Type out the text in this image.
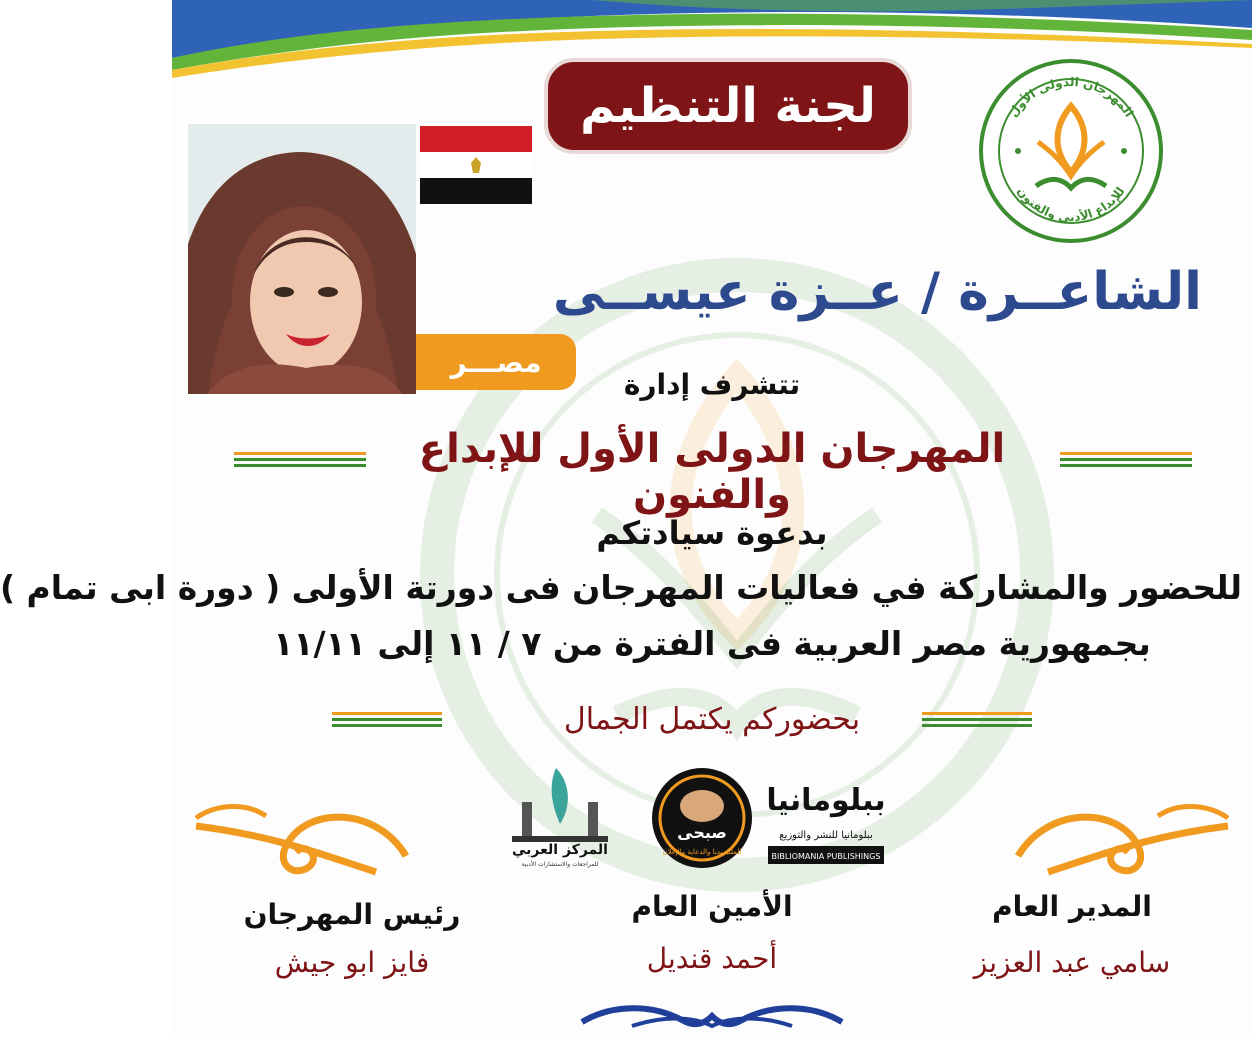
لجنة التنظيم	المهرجان الدولى الأول
للإبداع الأدبى والفنون
مصـــر
الشاعــرة / عــزة عيســى
تتشرف إدارة
المهرجان الدولى الأول للإبداع والفنون
بدعوة سيادتكم
للحضور والمشاركة في فعاليات المهرجان فى دورتة الأولى ( دورة ابى تمام )
بجمهورية مصر العربية فى الفترة من ٧ / ١١ إلى ١١/١١
بحضوركم يكتمل الجمال
ببلومانيا
ببلومانيا للنشر والتوزيع
BIBLIOMANIA PUBLISHINGS
صبحى
للملتيميديا والدعاية والإعلان
المركز العربي
للمراجعات والاستشارات الأدبية
المدير العام
سامي عبد العزيز
الأمين العام
أحمد قنديل
رئيس المهرجان
فايز ابو جيش
